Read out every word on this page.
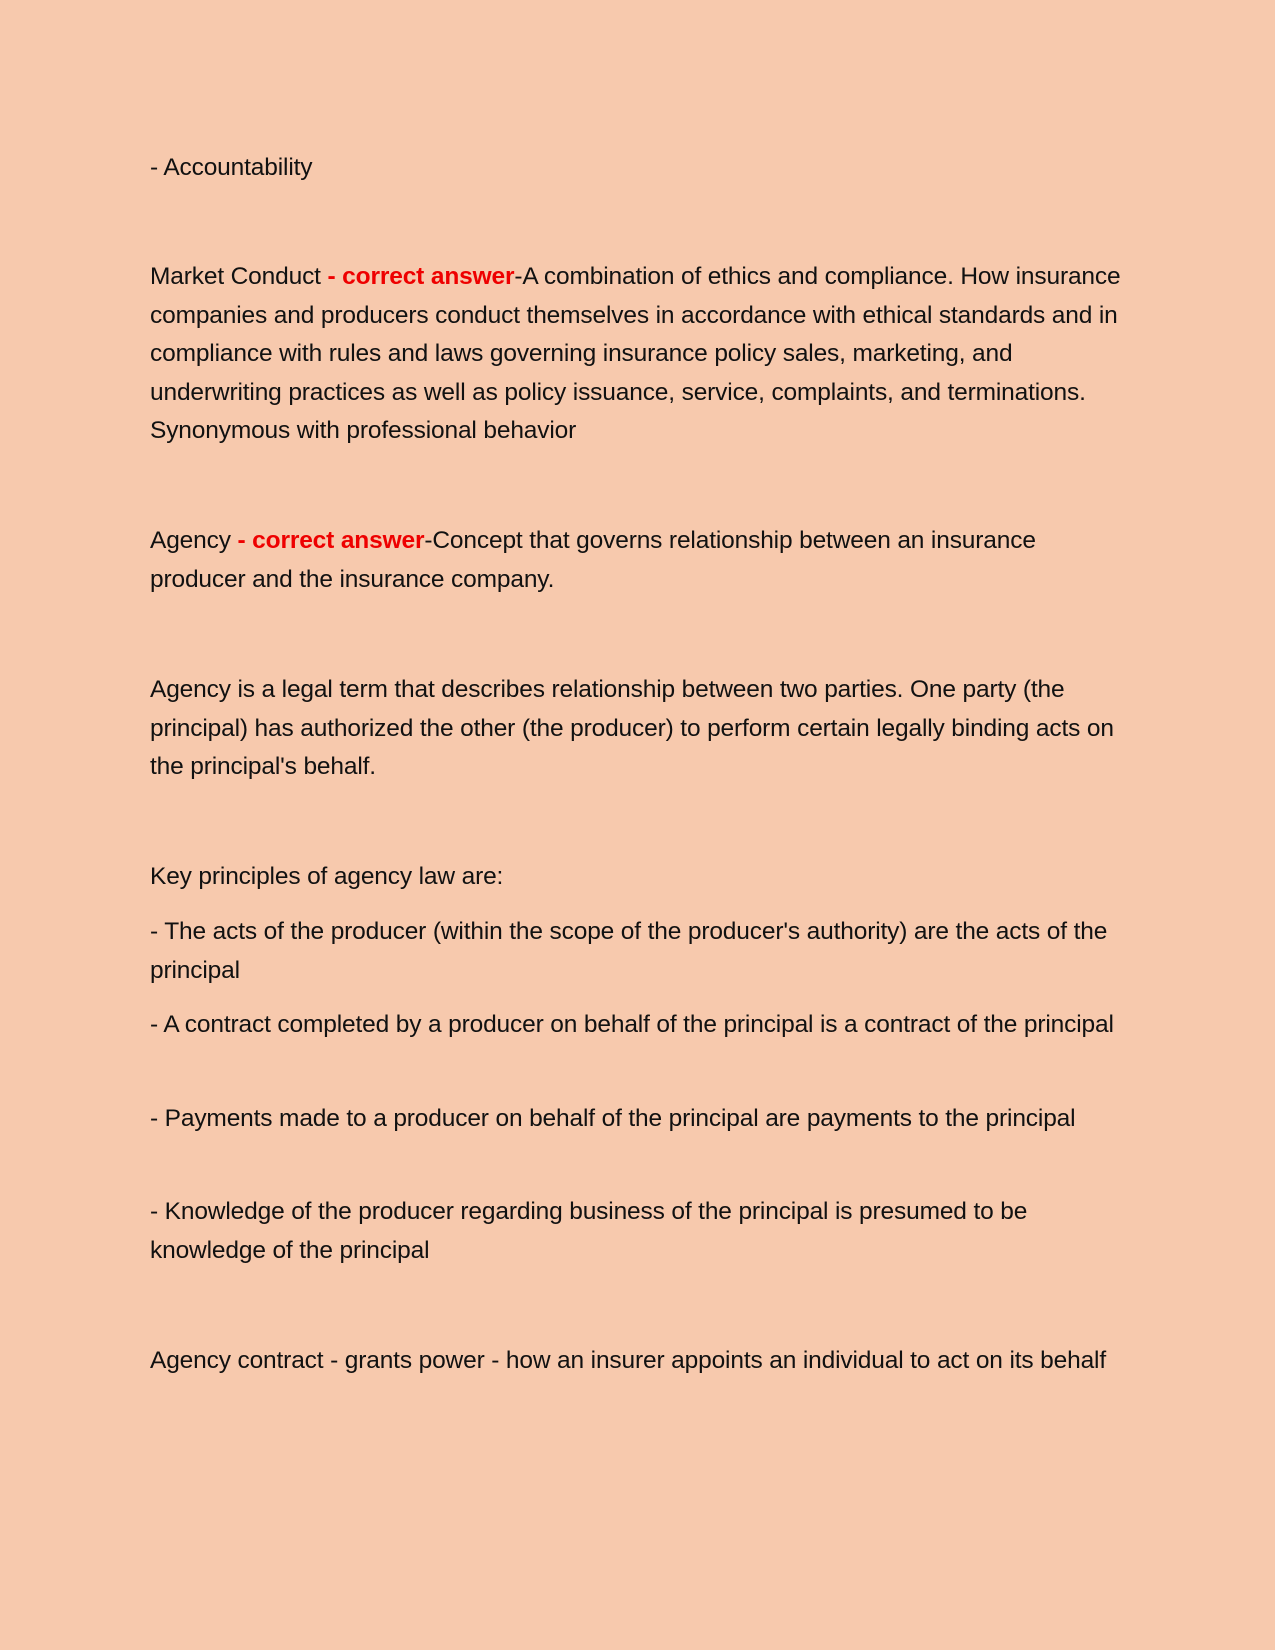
- Accountability

Market Conduct - correct answer-A combination of ethics and compliance. How insurance companies and producers conduct themselves in accordance with ethical standards and in compliance with rules and laws governing insurance policy sales, marketing, and underwriting practices as well as policy issuance, service, complaints, and terminations. Synonymous with professional behavior

Agency - correct answer-Concept that governs relationship between an insurance producer and the insurance company.

Agency is a legal term that describes relationship between two parties. One party (the principal) has authorized the other (the producer) to perform certain legally binding acts on the principal's behalf.

Key principles of agency law are:

- The acts of the producer (within the scope of the producer's authority) are the acts of the principal

- A contract completed by a producer on behalf of the principal is a contract of the principal

- Payments made to a producer on behalf of the principal are payments to the principal

- Knowledge of the producer regarding business of the principal is presumed to be knowledge of the principal

Agency contract - grants power - how an insurer appoints an individual to act on its behalf
